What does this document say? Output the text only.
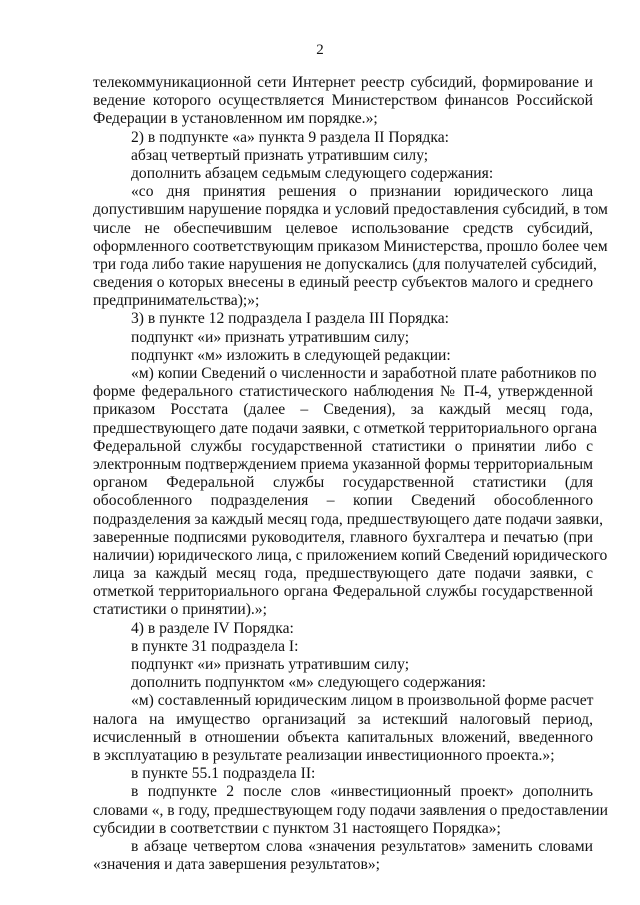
2
телекоммуникационной сети Интернет реестр субсидий, формирование и
ведение которого осуществляется Министерством финансов Российской
Федерации в установленном им порядке.»;
2) в подпункте «а» пункта 9 раздела II Порядка:
абзац четвертый признать утратившим силу;
дополнить абзацем седьмым следующего содержания:
«со дня принятия решения о признании юридического лица
допустившим нарушение порядка и условий предоставления субсидий, в том
числе не обеспечившим целевое использование средств субсидий,
оформленного соответствующим приказом Министерства, прошло более чем
три года либо такие нарушения не допускались (для получателей субсидий,
сведения о которых внесены в единый реестр субъектов малого и среднего
предпринимательства);»;
3) в пункте 12 подраздела I раздела III Порядка:
подпункт «и» признать утратившим силу;
подпункт «м» изложить в следующей редакции:
«м) копии Сведений о численности и заработной плате работников по
форме федерального статистического наблюдения № П-4, утвержденной
приказом Росстата (далее – Сведения), за каждый месяц года,
предшествующего дате подачи заявки, с отметкой территориального органа
Федеральной службы государственной статистики о принятии либо с
электронным подтверждением приема указанной формы территориальным
органом Федеральной службы государственной статистики (для
обособленного подразделения – копии Сведений обособленного
подразделения за каждый месяц года, предшествующего дате подачи заявки,
заверенные подписями руководителя, главного бухгалтера и печатью (при
наличии) юридического лица, с приложением копий Сведений юридического
лица за каждый месяц года, предшествующего дате подачи заявки, с
отметкой территориального органа Федеральной службы государственной
статистики о принятии).»;
4) в разделе IV Порядка:
в пункте 31 подраздела I:
подпункт «и» признать утратившим силу;
дополнить подпунктом «м» следующего содержания:
«м) составленный юридическим лицом в произвольной форме расчет
налога на имущество организаций за истекший налоговый период,
исчисленный в отношении объекта капитальных вложений, введенного
в эксплуатацию в результате реализации инвестиционного проекта.»;
в пункте 55.1 подраздела II:
в подпункте 2 после слов «инвестиционный проект» дополнить
словами «, в году, предшествующем году подачи заявления о предоставлении
субсидии в соответствии с пунктом 31 настоящего Порядка»;
в абзаце четвертом слова «значения результатов» заменить словами
«значения и дата завершения результатов»;
